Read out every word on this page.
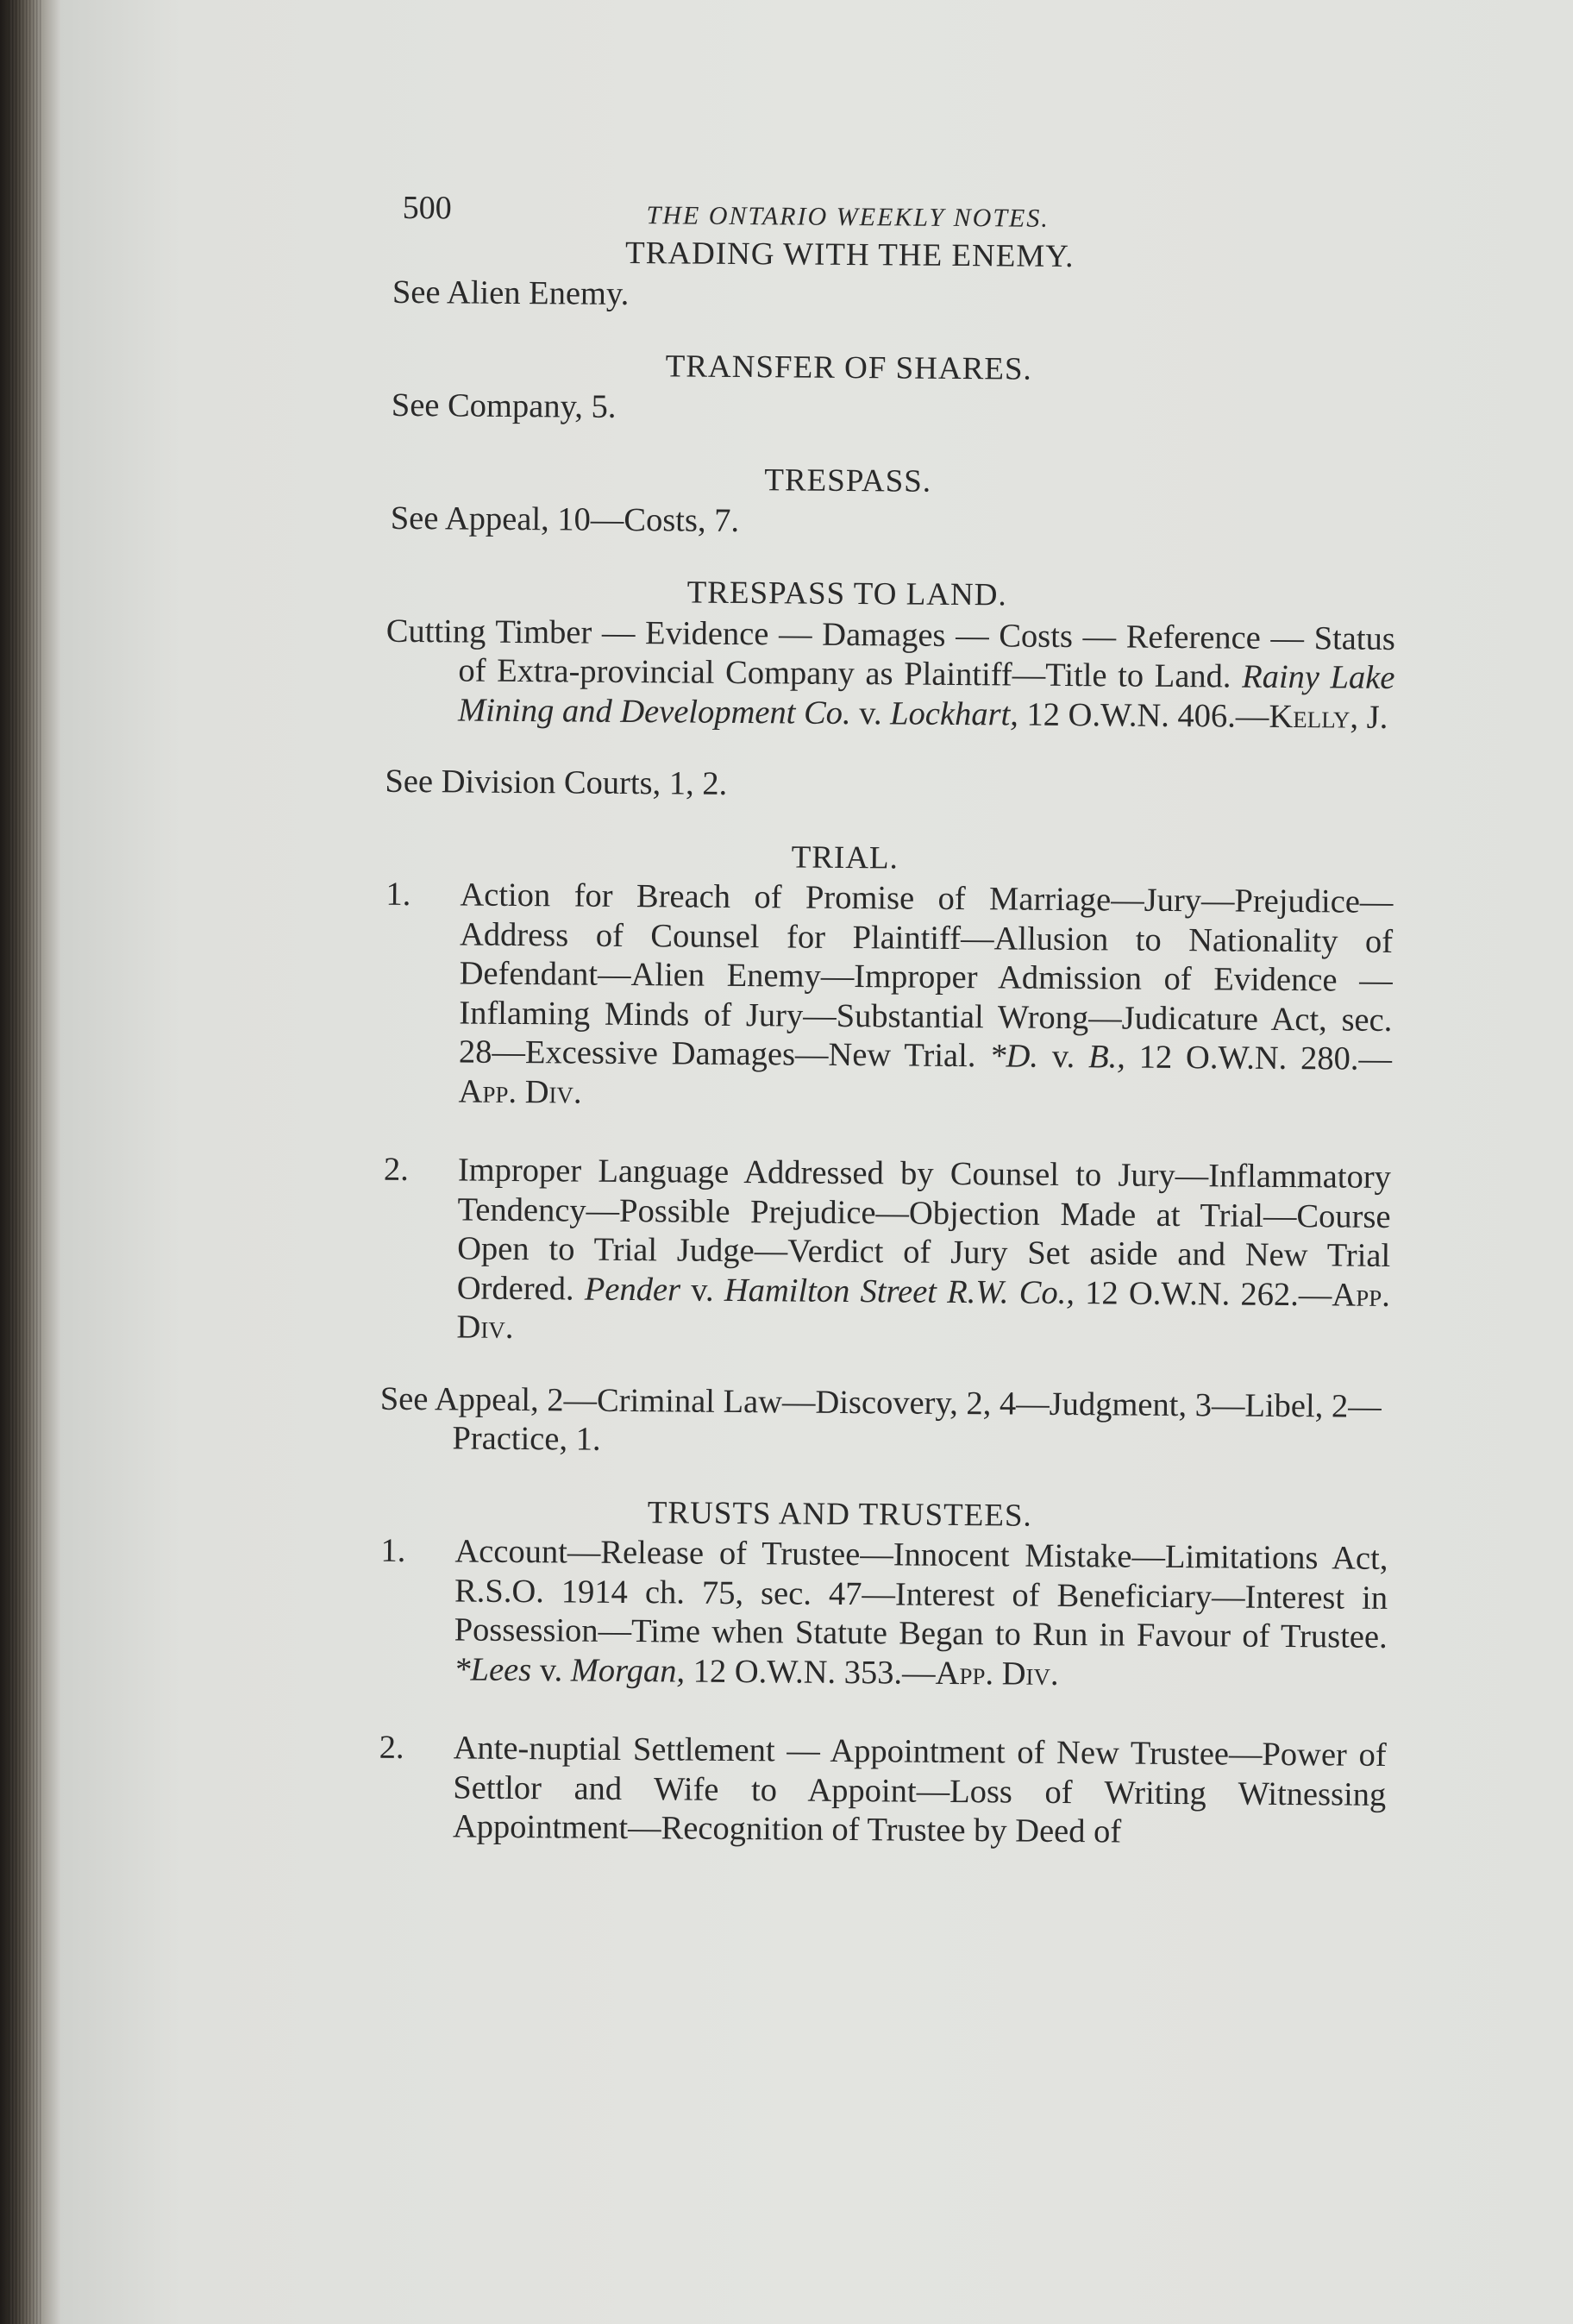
500	THE ONTARIO WEEKLY NOTES.
TRADING WITH THE ENEMY.
See Alien Enemy.
TRANSFER OF SHARES.
See Company, 5.
TRESPASS.
See Appeal, 10—Costs, 7.
TRESPASS TO LAND.
Cutting Timber — Evidence — Damages — Costs — Reference — Status of Extra-provincial Company as Plaintiff—Title to Land. Rainy Lake Mining and Development Co. v. Lockhart, 12 O.W.N. 406.—Kelly, J.
See Division Courts, 1, 2.
TRIAL.
1. Action for Breach of Promise of Marriage—Jury—Prejudice—Address of Counsel for Plaintiff—Allusion to Nationality of Defendant—Alien Enemy—Improper Admission of Evidence —Inflaming Minds of Jury—Substantial Wrong—Judicature Act, sec. 28—Excessive Damages—New Trial. *D. v. B., 12 O.W.N. 280.—App. Div.
2. Improper Language Addressed by Counsel to Jury—Inflammatory Tendency—Possible Prejudice—Objection Made at Trial—Course Open to Trial Judge—Verdict of Jury Set aside and New Trial Ordered. Pender v. Hamilton Street R.W. Co., 12 O.W.N. 262.—App. Div.
See Appeal, 2—Criminal Law—Discovery, 2, 4—Judgment, 3—Libel, 2—Practice, 1.
TRUSTS AND TRUSTEES.
1. Account—Release of Trustee—Innocent Mistake—Limitations Act, R.S.O. 1914 ch. 75, sec. 47—Interest of Beneficiary—Interest in Possession—Time when Statute Began to Run in Favour of Trustee. *Lees v. Morgan, 12 O.W.N. 353.—App. Div.
2. Ante-nuptial Settlement — Appointment of New Trustee—Power of Settlor and Wife to Appoint—Loss of Writing Witnessing Appointment—Recognition of Trustee by Deed of
